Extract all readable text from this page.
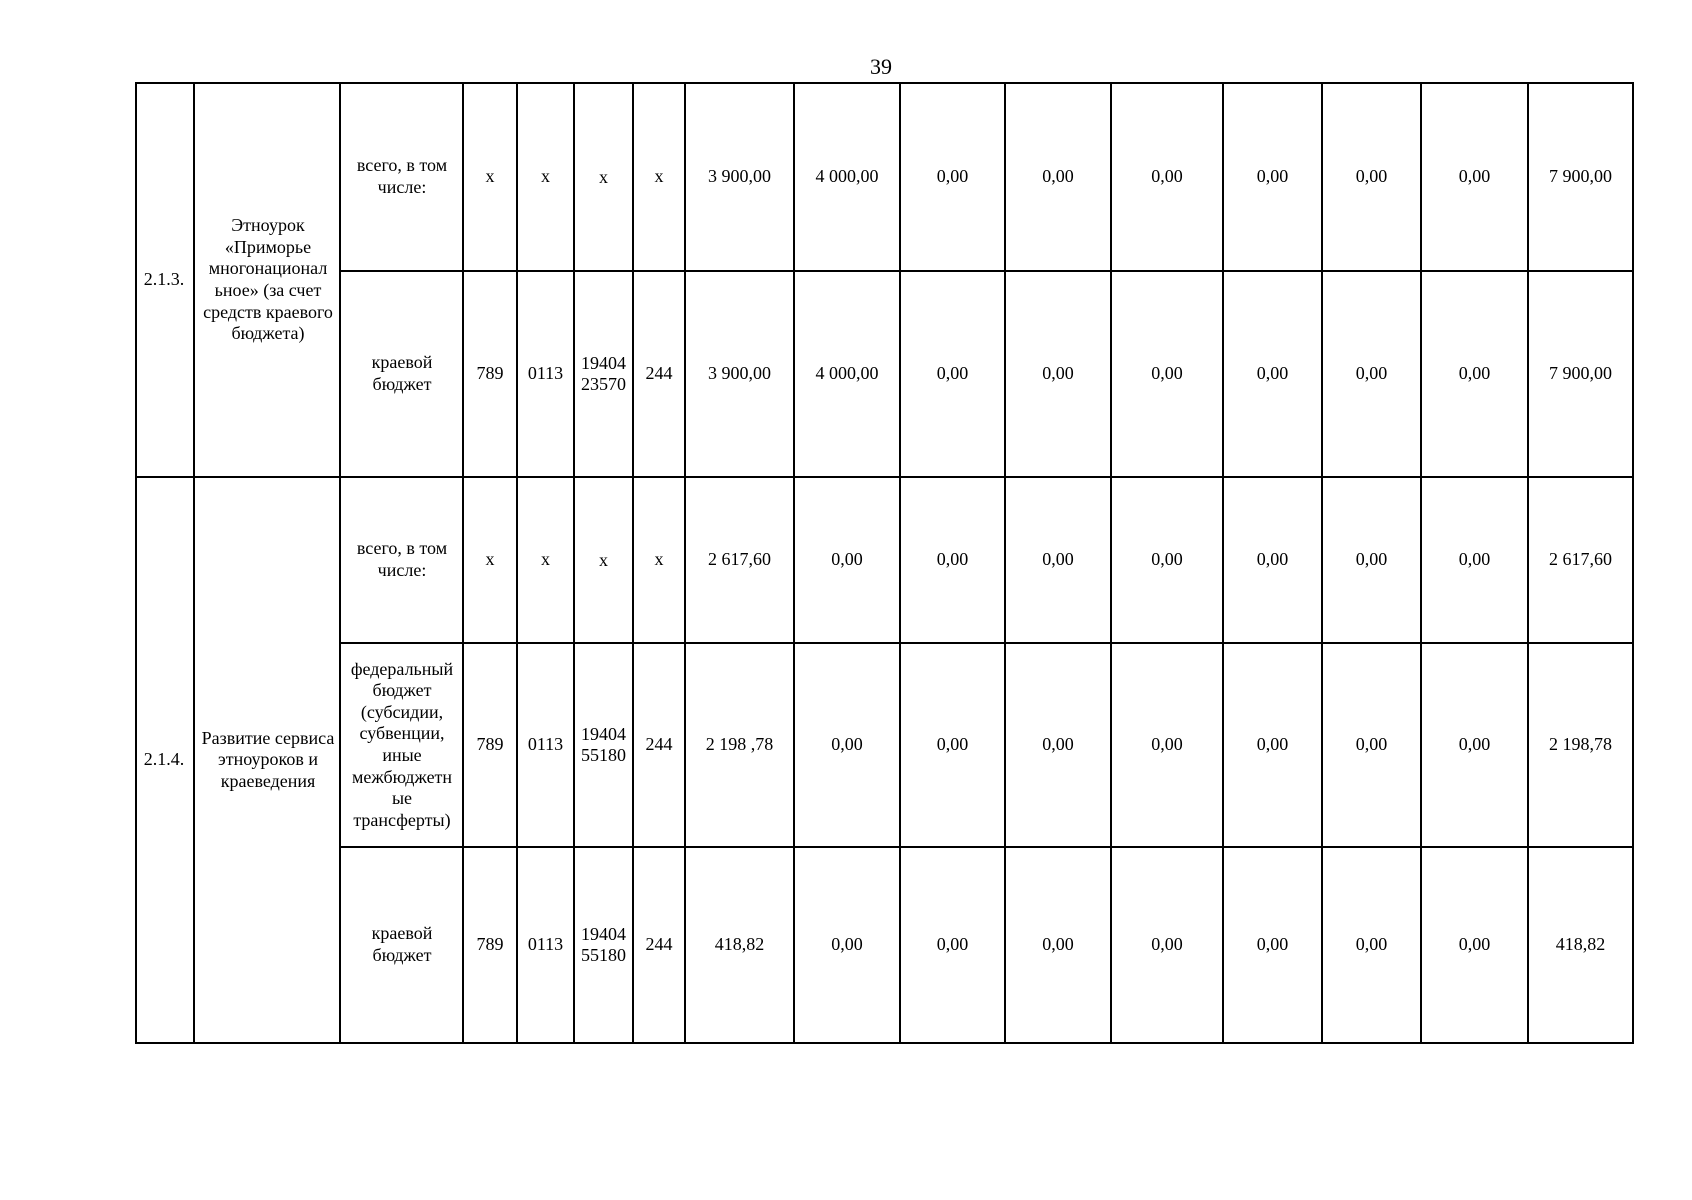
39
2.1.3.	Этноурок «Приморье многонационал ьное» (за счет средств краевого бюджета)	всего, в том числе:	x	x	x	x	3 900,00	4 000,00	0,00	0,00	0,00	0,00	0,00	0,00	7 900,00
		краевой бюджет	789	0113	19404 23570	244	3 900,00	4 000,00	0,00	0,00	0,00	0,00	0,00	0,00	7 900,00
2.1.4.	Развитие сервиса этноуроков и краеведения	всего, в том числе:	x	x	x	x	2 617,60	0,00	0,00	0,00	0,00	0,00	0,00	0,00	2 617,60
		федеральный бюджет (субсидии, субвенции, иные межбюджетн ые трансферты)	789	0113	19404 55180	244	2 198 ,78	0,00	0,00	0,00	0,00	0,00	0,00	0,00	2 198,78
		краевой бюджет	789	0113	19404 55180	244	418,82	0,00	0,00	0,00	0,00	0,00	0,00	0,00	418,82
